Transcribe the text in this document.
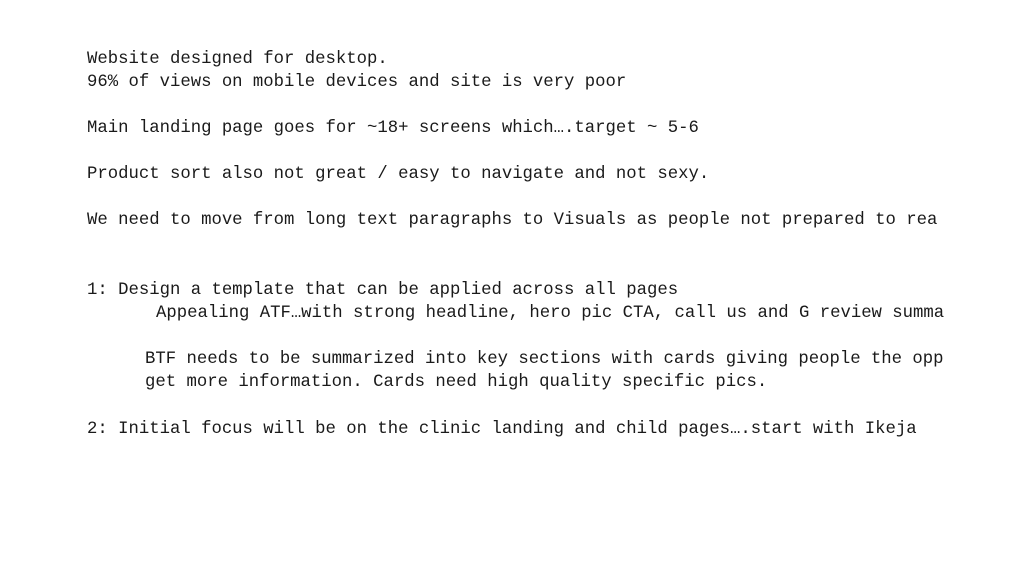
Website designed for desktop.
96% of views on mobile devices and site is very poor
Main landing page goes for ~18+ screens which….target ~ 5-6
Product sort also not great / easy to navigate and not sexy.
We need to move from long text paragraphs to Visuals as people not prepared to rea
1: Design a template that can be applied across all pages
Appealing ATF…with strong headline, hero pic CTA, call us and G review summa
BTF needs to be summarized into key sections with cards giving people the opp
get more information. Cards need high quality specific pics.
2: Initial focus will be on the clinic landing and child pages….start with Ikeja
